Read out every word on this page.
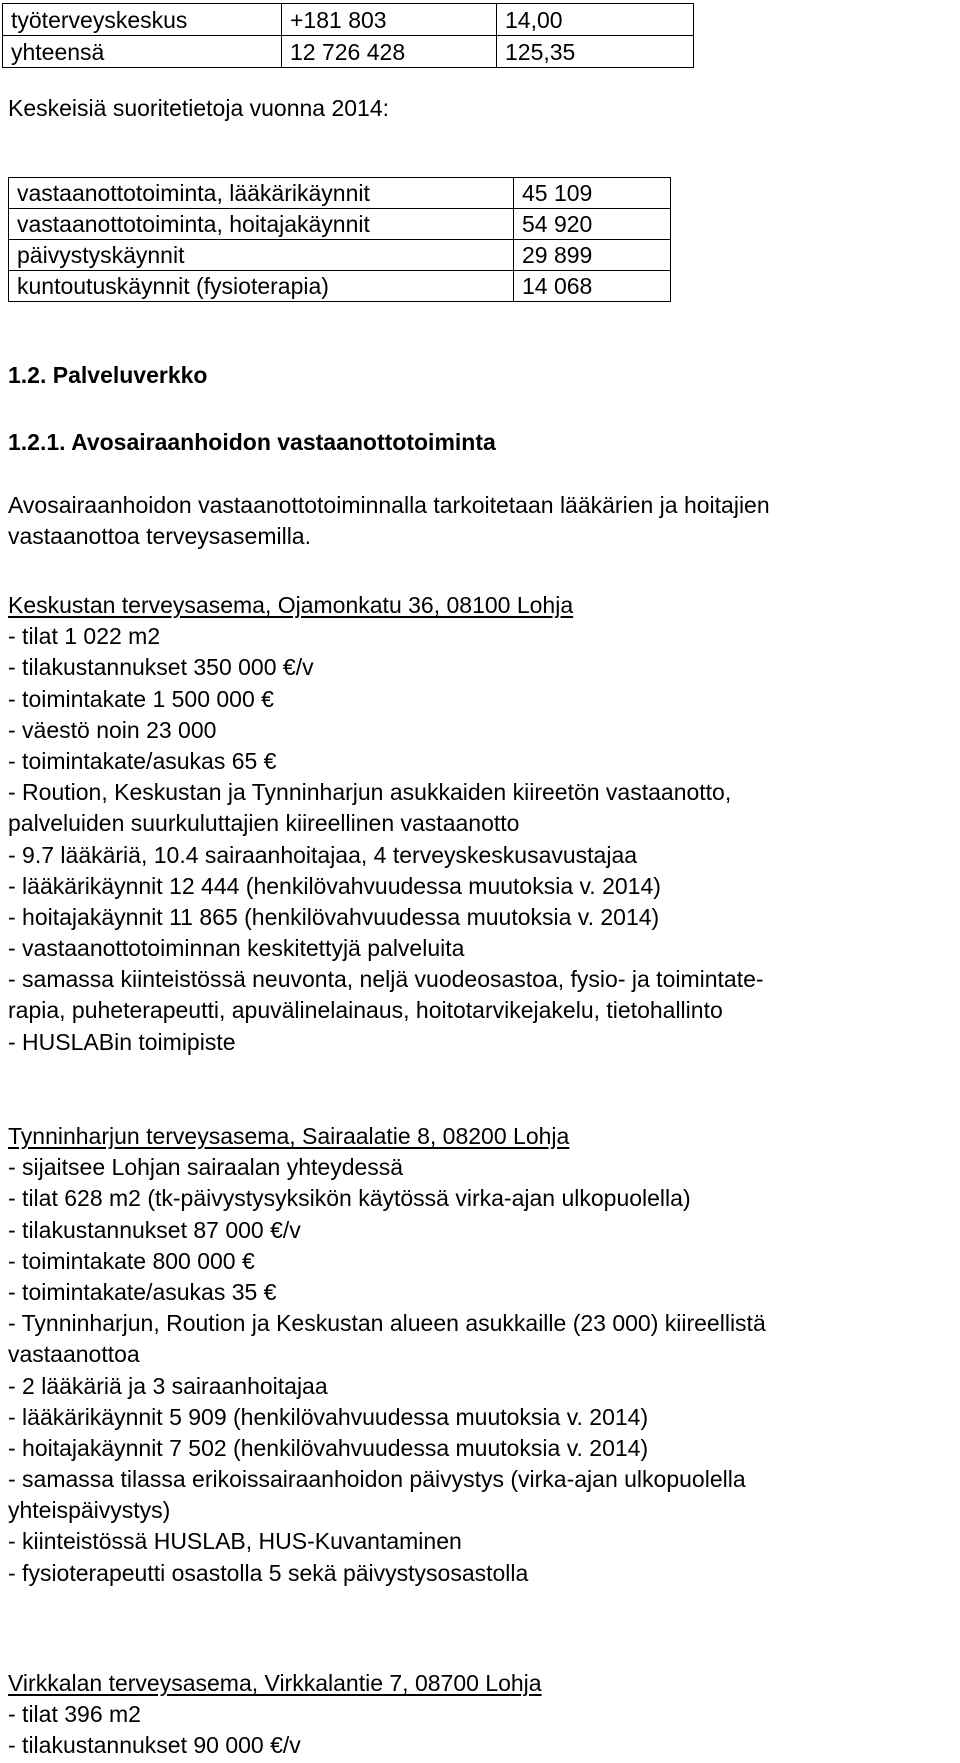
työterveyskeskus	+181 803	14,00
yhteensä	12 726 428	125,35
Keskeisiä suoritetietoja vuonna 2014:
vastaanottotoiminta, lääkärikäynnit	45 109
vastaanottotoiminta, hoitajakäynnit	54 920
päivystyskäynnit	29 899
kuntoutuskäynnit (fysioterapia)	14 068
1.2. Palveluverkko
1.2.1. Avosairaanhoidon vastaanottotoiminta
Avosairaanhoidon vastaanottotoiminnalla tarkoitetaan lääkärien ja hoitajien
vastaanottoa terveysasemilla.
Keskustan terveysasema, Ojamonkatu 36, 08100 Lohja
- tilat 1 022 m2
- tilakustannukset 350 000 €/v
- toimintakate 1 500 000 €
- väestö noin 23 000
- toimintakate/asukas 65 €
- Roution, Keskustan ja Tynninharjun asukkaiden kiireetön vastaanotto,
palveluiden suurkuluttajien kiireellinen vastaanotto
- 9.7 lääkäriä, 10.4 sairaanhoitajaa, 4 terveyskeskusavustajaa
- lääkärikäynnit 12 444 (henkilövahvuudessa muutoksia v. 2014)
- hoitajakäynnit 11 865 (henkilövahvuudessa muutoksia v. 2014)
- vastaanottotoiminnan keskitettyjä palveluita
- samassa kiinteistössä neuvonta, neljä vuodeosastoa, fysio- ja toimintate-
rapia, puheterapeutti, apuvälinelainaus, hoitotarvikejakelu, tietohallinto
- HUSLABin toimipiste
Tynninharjun terveysasema, Sairaalatie 8, 08200 Lohja
- sijaitsee Lohjan sairaalan yhteydessä
- tilat 628 m2 (tk-päivystysyksikön käytössä virka-ajan ulkopuolella)
- tilakustannukset 87 000 €/v
- toimintakate 800 000 €
- toimintakate/asukas 35 €
- Tynninharjun, Roution ja Keskustan alueen asukkaille (23 000) kiireellistä
vastaanottoa
- 2 lääkäriä ja 3 sairaanhoitajaa
- lääkärikäynnit 5 909 (henkilövahvuudessa muutoksia v. 2014)
- hoitajakäynnit 7 502 (henkilövahvuudessa muutoksia v. 2014)
- samassa tilassa erikoissairaanhoidon päivystys (virka-ajan ulkopuolella
yhteispäivystys)
- kiinteistössä HUSLAB, HUS-Kuvantaminen
- fysioterapeutti osastolla 5 sekä päivystysosastolla
Virkkalan terveysasema, Virkkalantie 7, 08700 Lohja
- tilat 396 m2
- tilakustannukset 90 000 €/v
